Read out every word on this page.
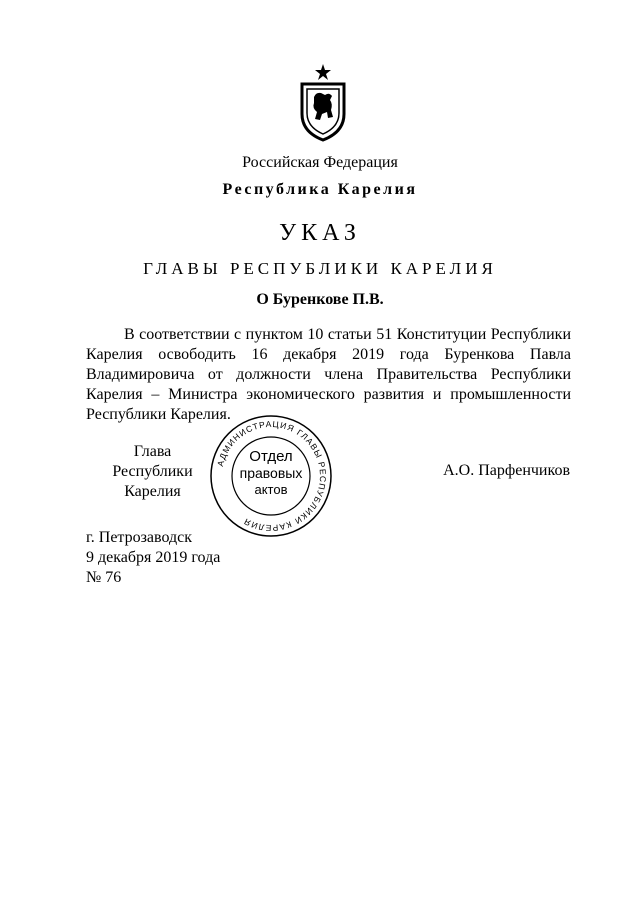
Российская Федерация
Республика Карелия
УКАЗ
ГЛАВЫ РЕСПУБЛИКИ КАРЕЛИЯ
О Буренкове П.В.

В соответствии с пунктом 10 статьи 51 Конституции Республики Карелия освободить 16 декабря 2019 года Буренкова Павла Владимировича от должности члена Правительства Республики Карелия – Министра экономического развития и промышленности Республики Карелия.

Глава
Республики Карелия
АДМИНИСТРАЦИЯ ГЛАВЫ РЕСПУБЛИКИ КАРЕЛИЯ
Отдел
правовых
актов
А.О. Парфенчиков
г. Петрозаводск
9 декабря 2019 года
№ 76
